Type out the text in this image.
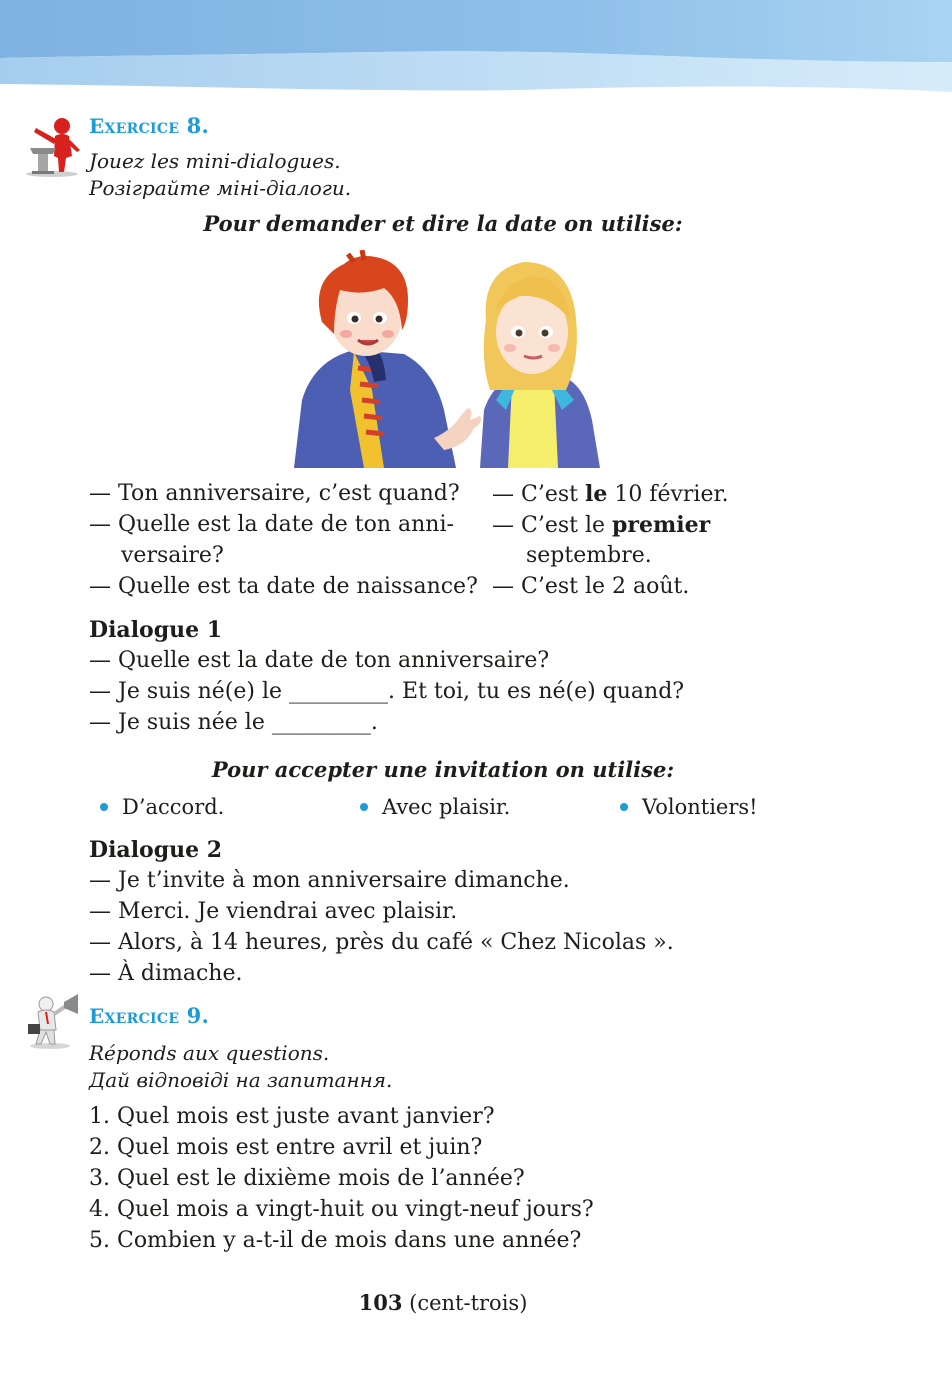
Exercice 8.
Jouez les mini-dialogues.
Розіграйте міні-діалоги.
Pour demander et dire la date on utilise:
— Ton anniversaire, c’est quand?
— Quelle est la date de ton anni-
versaire?
— Quelle est ta date de naissance?
— C’est le 10 février.
— C’est le premier
septembre.
— C’est le 2 août.
Dialogue 1
— Quelle est la date de ton anniversaire?
— Je suis né(e) le _________. Et toi, tu es né(e) quand?
— Je suis née le _________.
Pour accepter une invitation on utilise:
D’accord.	Avec plaisir.	Volontiers!
Dialogue 2
— Je t’invite à mon anniversaire dimanche.
— Merci. Je viendrai avec plaisir.
— Alors, à 14 heures, près du café « Chez Nicolas ».
— À dimache.
Exercice 9.
Réponds aux questions.
Дай відповіді на запитання.
1. Quel mois est juste avant janvier?
2. Quel mois est entre avril et juin?
3. Quel est le dixième mois de l’année?
4. Quel mois a vingt-huit ou vingt-neuf jours?
5. Combien y a-t-il de mois dans une année?
103 (cent-trois)
